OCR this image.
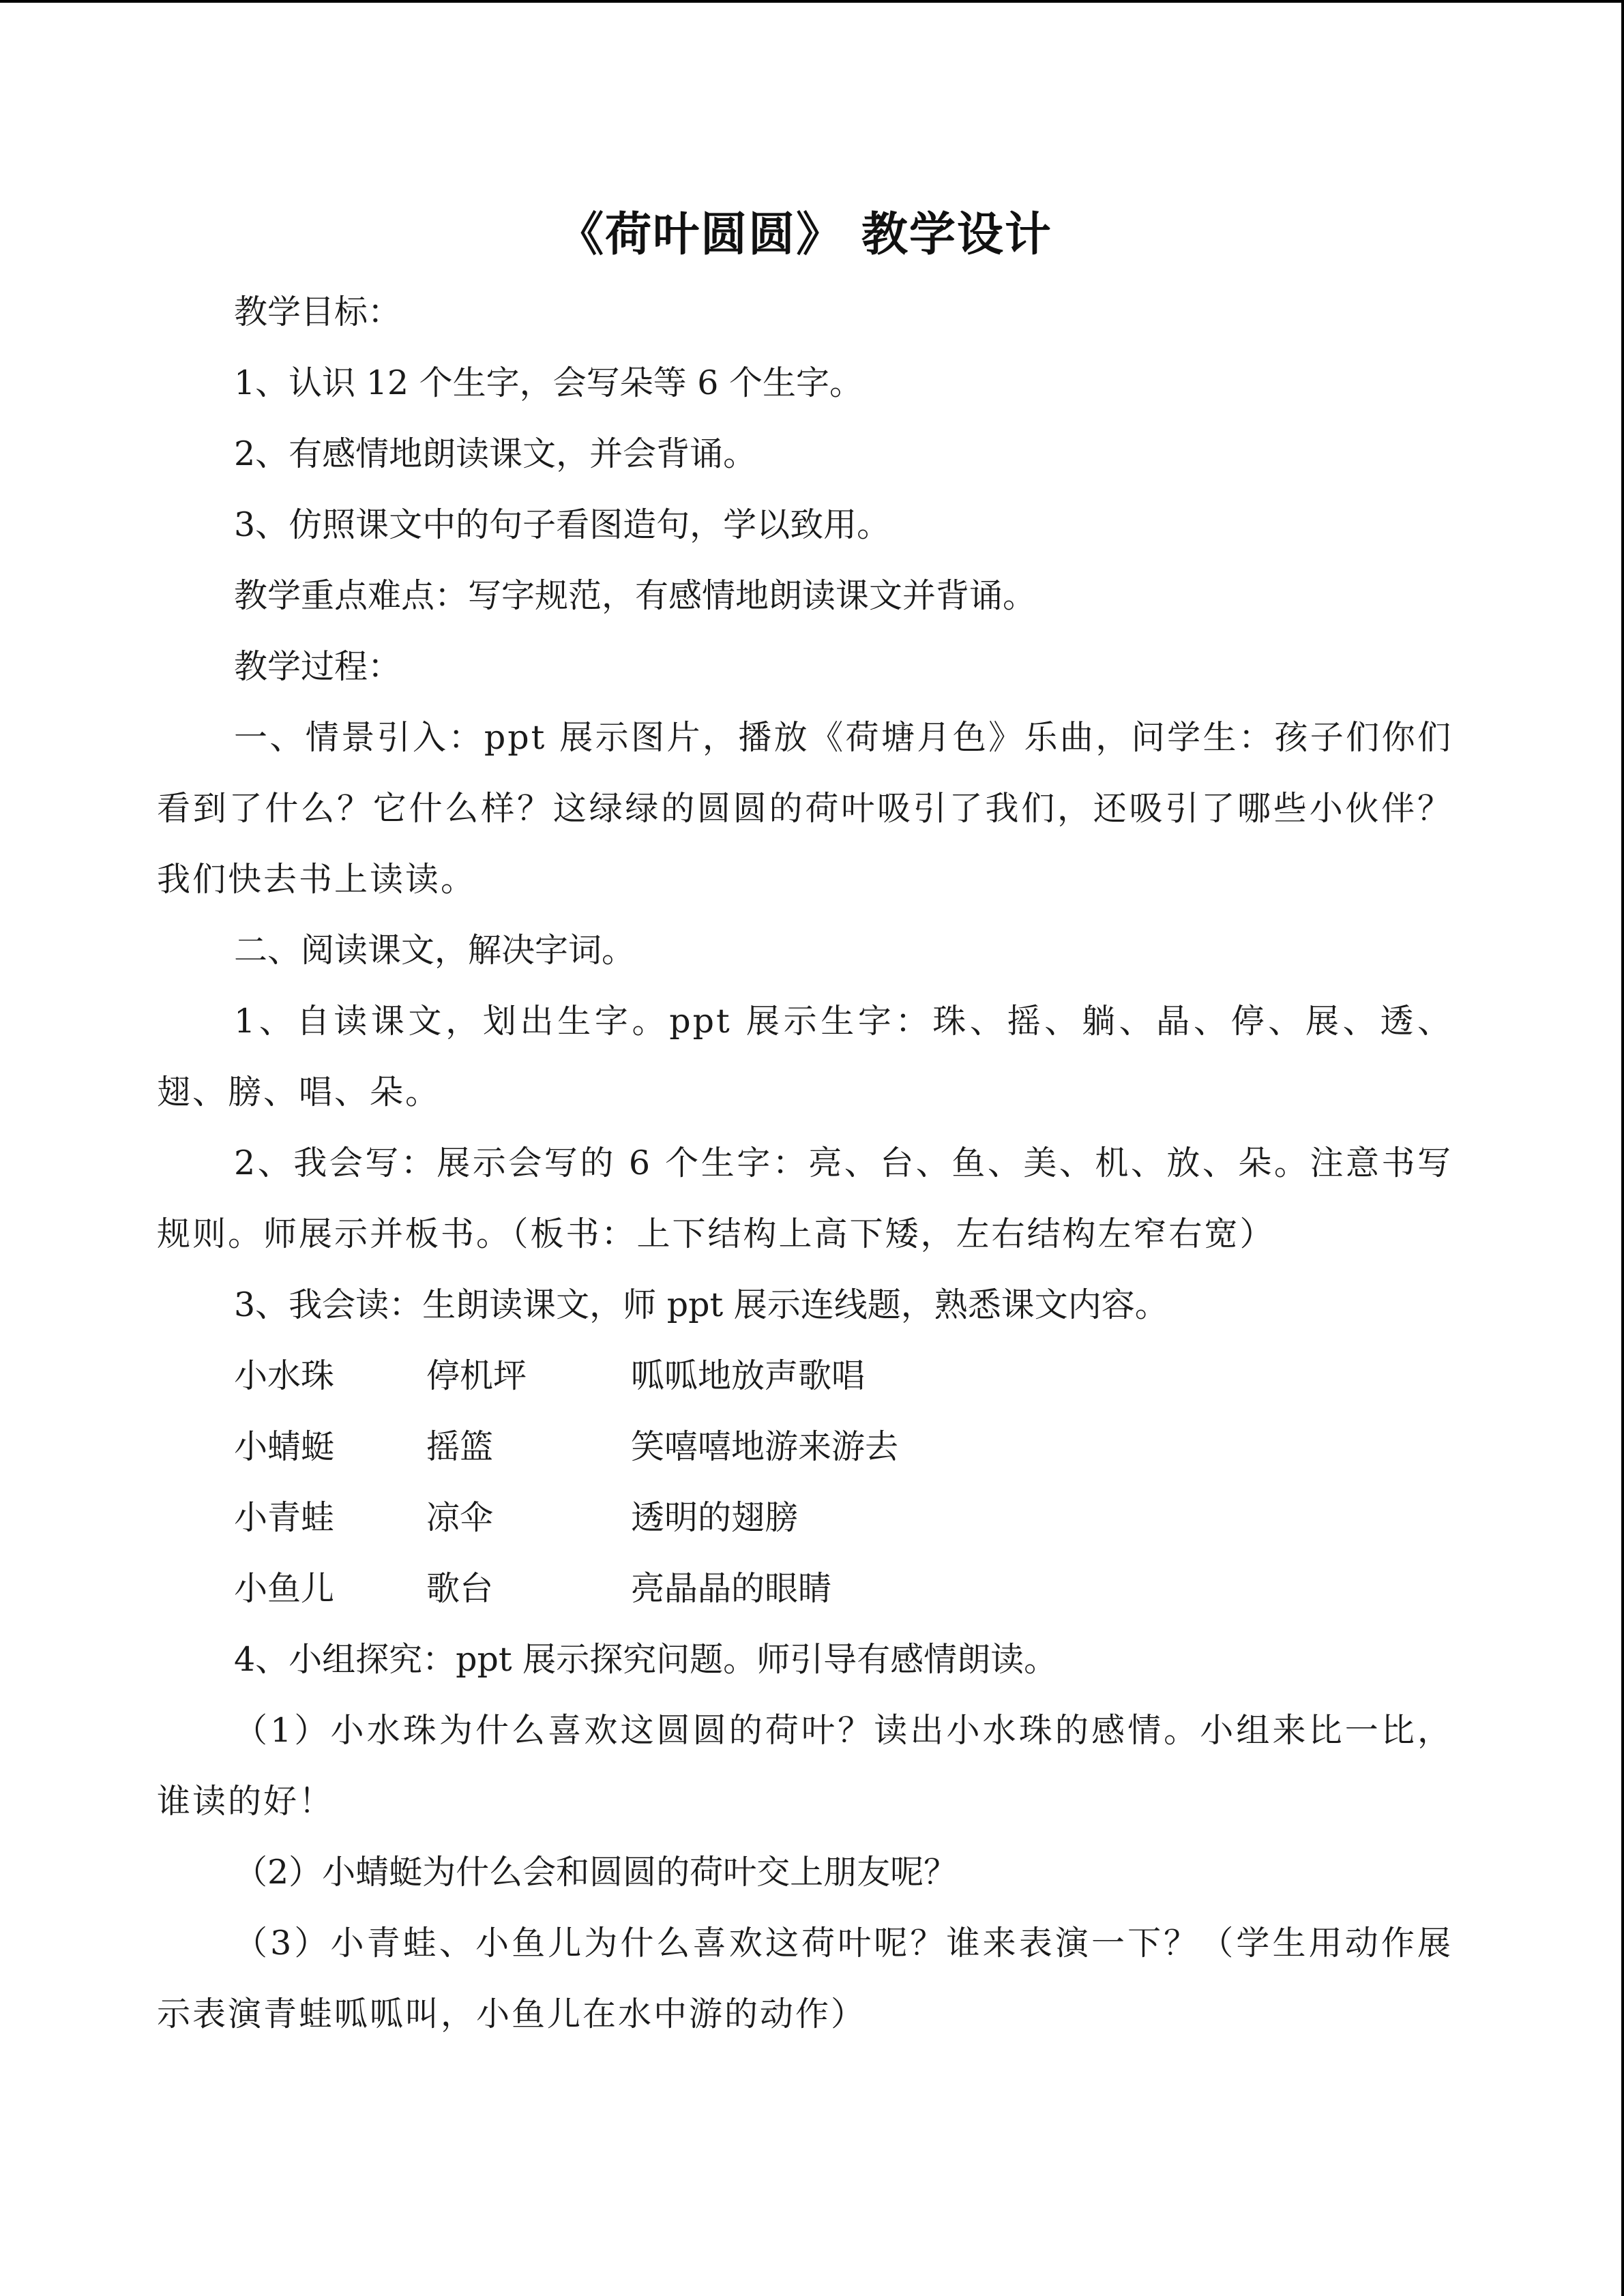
《荷叶圆圆》 教学设计

教学目标：

1、认识 12 个生字，会写朵等 6 个生字。

2、有感情地朗读课文，并会背诵。

3、仿照课文中的句子看图造句，学以致用。

教学重点难点：写字规范，有感情地朗读课文并背诵。

教学过程：

一、情景引入：ppt 展示图片，播放《荷塘月色》乐曲，问学生：孩子们你们看到了什么？它什么样？这绿绿的圆圆的荷叶吸引了我们，还吸引了哪些小伙伴？我们快去书上读读。

二、阅读课文，解决字词。

1、自读课文，划出生字。ppt 展示生字：珠、摇、躺、晶、停、展、透、翅、膀、唱、朵。

2、我会写：展示会写的 6 个生字：亮、台、鱼、美、机、放、朵。注意书写规则。师展示并板书。（板书：上下结构上高下矮，左右结构左窄右宽）

3、我会读：生朗读课文，师 ppt 展示连线题，熟悉课文内容。

小水珠	停机坪	呱呱地放声歌唱
小蜻蜓	摇篮	笑嘻嘻地游来游去
小青蛙	凉伞	透明的翅膀
小鱼儿	歌台	亮晶晶的眼睛

4、小组探究：ppt 展示探究问题。师引导有感情朗读。

（1）小水珠为什么喜欢这圆圆的荷叶？读出小水珠的感情。小组来比一比，谁读的好！

（2）小蜻蜓为什么会和圆圆的荷叶交上朋友呢？

（3）小青蛙、小鱼儿为什么喜欢这荷叶呢？谁来表演一下？（学生用动作展示表演青蛙呱呱叫，小鱼儿在水中游的动作）
